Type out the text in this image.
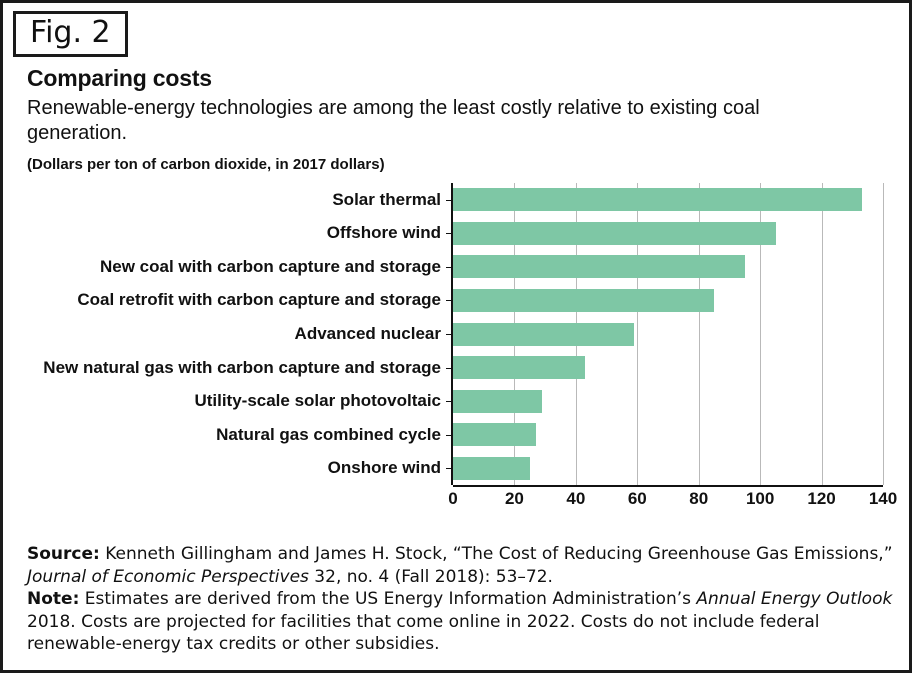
Fig. 2
Comparing costs
Renewable-energy technologies are among the least costly relative to existing coal generation.
(Dollars per ton of carbon dioxide, in 2017 dollars)
Solar thermal
Offshore wind
New coal with carbon capture and storage
Coal retrofit with carbon capture and storage
Advanced nuclear
New natural gas with carbon capture and storage
Utility-scale solar photovoltaic
Natural gas combined cycle
Onshore wind
0	20	40	60	80 100 120 140

Source: Kenneth Gillingham and James H. Stock, “The Cost of Reducing Greenhouse Gas Emissions,” Journal of Economic Perspectives 32, no. 4 (Fall 2018): 53–72.

Note: Estimates are derived from the US Energy Information Administration’s Annual Energy Outlook 2018. Costs are projected for facilities that come online in 2022. Costs do not include federal renewable-energy tax credits or other subsidies.
